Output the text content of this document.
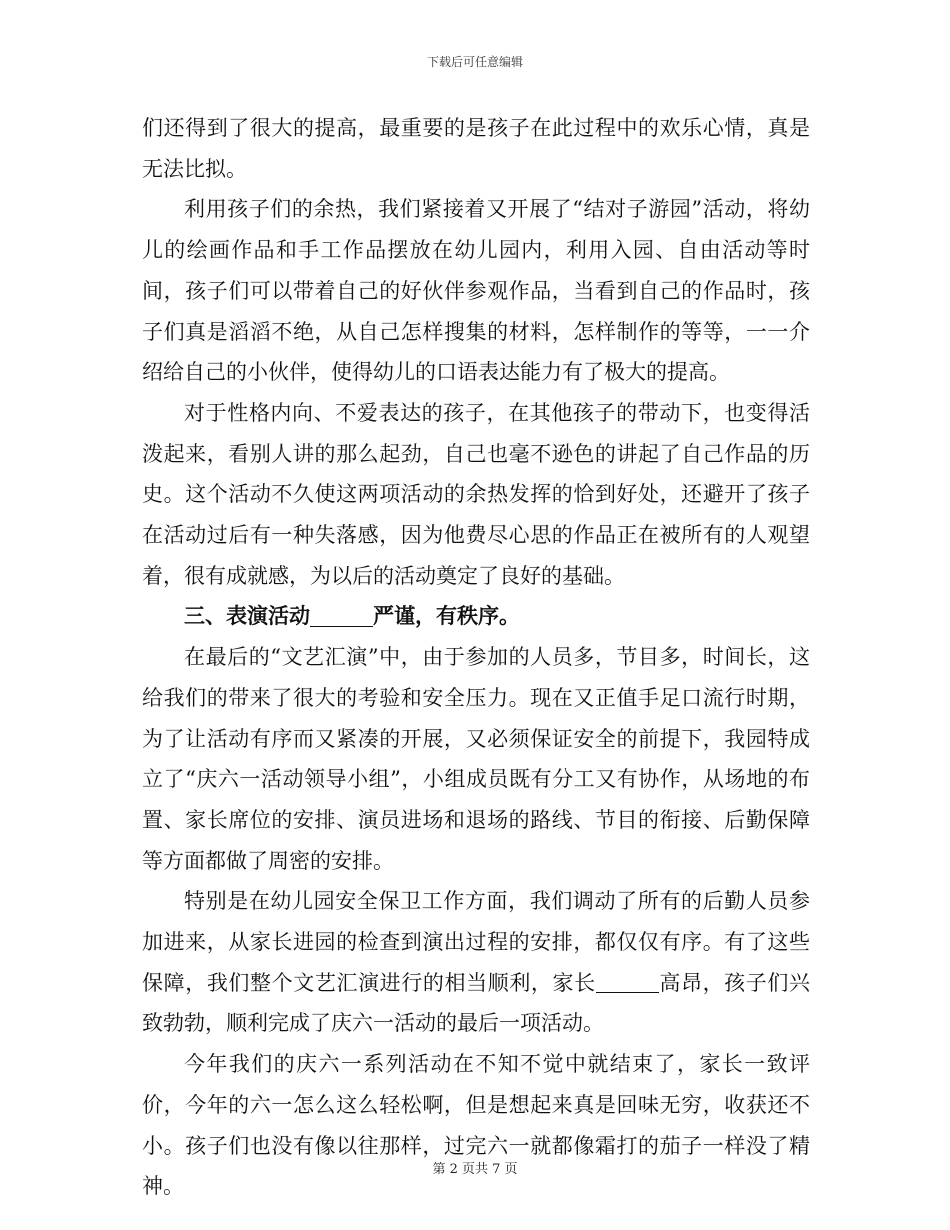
下载后可任意编辑

们还得到了很大的提高，最重要的是孩子在此过程中的欢乐心情，真是无法比拟。

利用孩子们的余热，我们紧接着又开展了“结对子游园”活动，将幼儿的绘画作品和手工作品摆放在幼儿园内，利用入园、自由活动等时间，孩子们可以带着自己的好伙伴参观作品，当看到自己的作品时，孩子们真是滔滔不绝，从自己怎样搜集的材料，怎样制作的等等，一一介绍给自己的小伙伴，使得幼儿的口语表达能力有了极大的提高。

对于性格内向、不爱表达的孩子，在其他孩子的带动下，也变得活泼起来，看别人讲的那么起劲，自己也毫不逊色的讲起了自己作品的历史。这个活动不久使这两项活动的余热发挥的恰到好处，还避开了孩子在活动过后有一种失落感，因为他费尽心思的作品正在被所有的人观望着，很有成就感，为以后的活动奠定了良好的基础。

三、表演活动	严谨，有秩序。

在最后的“文艺汇演”中，由于参加的人员多，节目多，时间长，这给我们的带来了很大的考验和安全压力。现在又正值手足口流行时期，为了让活动有序而又紧凑的开展，又必须保证安全的前提下，我园特成立了“庆六一活动领导小组”，小组成员既有分工又有协作，从场地的布置、家长席位的安排、演员进场和退场的路线、节目的衔接、后勤保障等方面都做了周密的安排。

特别是在幼儿园安全保卫工作方面，我们调动了所有的后勤人员参加进来，从家长进园的检查到演出过程的安排，都仅仅有序。有了这些保障，我们整个文艺汇演进行的相当顺利，家长	高昂，孩子们兴致勃勃，顺利完成了庆六一活动的最后一项活动。

今年我们的庆六一系列活动在不知不觉中就结束了，家长一致评价，今年的六一怎么这么轻松啊，但是想起来真是回味无穷，收获还不小。孩子们也没有像以往那样，过完六一就都像霜打的茄子一样没了精神。

第 2 页共 7 页
